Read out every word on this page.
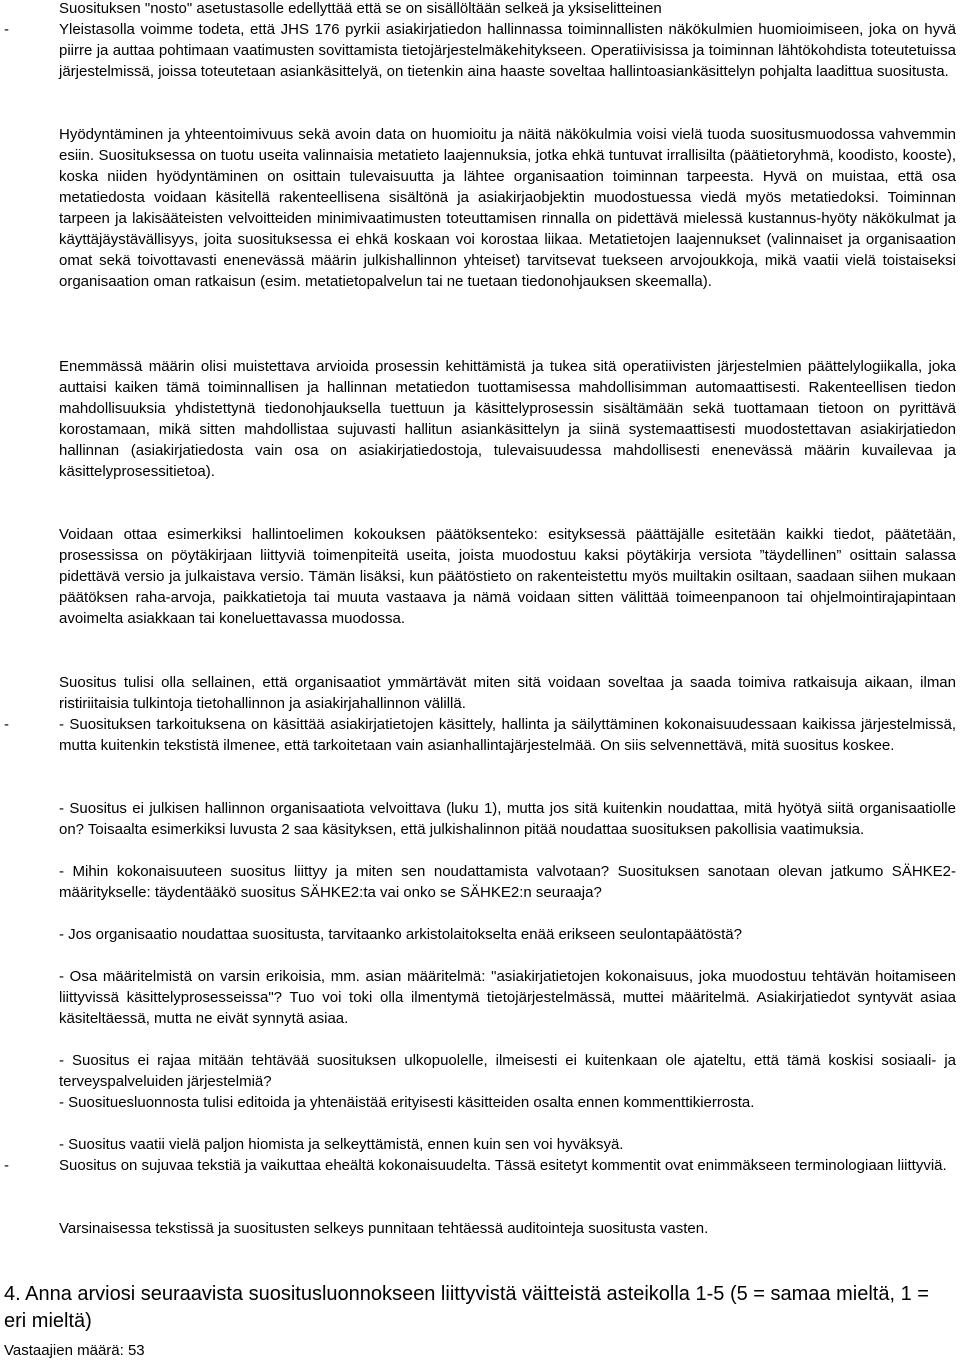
Suosituksen "nosto" asetustasolle edellyttää että se on sisällöltään selkeä ja yksiselitteinen

-	Yleistasolla voimme todeta, että JHS 176 pyrkii asiakirjatiedon hallinnassa toiminnallisten näkökulmien huomioimiseen, joka on hyvä piirre ja auttaa pohtimaan vaatimusten sovittamista tietojärjestelmäkehitykseen. Operatiivisissa ja toiminnan lähtökohdista toteutetuissa järjestelmissä, joissa toteutetaan asiankäsittelyä, on tietenkin aina haaste soveltaa hallintoasiankäsittelyn pohjalta laadittua suositusta.

Hyödyntäminen ja yhteentoimivuus sekä avoin data on huomioitu ja näitä näkökulmia voisi vielä tuoda suositusmuodossa vahvemmin esiin. Suosituksessa on tuotu useita valinnaisia metatieto laajennuksia, jotka ehkä tuntuvat irrallisilta (päätietoryhmä, koodisto, kooste), koska niiden hyödyntäminen on osittain tulevaisuutta ja lähtee organisaation toiminnan tarpeesta. Hyvä on muistaa, että osa metatiedosta voidaan käsitellä rakenteellisena sisältönä ja asiakirjaobjektin muodostuessa viedä myös metatiedoksi. Toiminnan tarpeen ja lakisääteisten velvoitteiden minimivaatimusten toteuttamisen rinnalla on pidettävä mielessä kustannus-hyöty näkökulmat ja käyttäjäystävällisyys, joita suosituksessa ei ehkä koskaan voi korostaa liikaa. Metatietojen laajennukset (valinnaiset ja organisaation omat sekä toivottavasti enenevässä määrin julkishallinnon yhteiset) tarvitsevat tuekseen arvojoukkoja, mikä vaatii vielä toistaiseksi organisaation oman ratkaisun (esim. metatietopalvelun tai ne tuetaan tiedonohjauksen skeemalla).

Enemmässä määrin olisi muistettava arvioida prosessin kehittämistä ja tukea sitä operatiivisten järjestelmien päättelylogiikalla, joka auttaisi kaiken tämä toiminnallisen ja hallinnan metatiedon tuottamisessa mahdollisimman automaattisesti. Rakenteellisen tiedon mahdollisuuksia yhdistettynä tiedonohjauksella tuettuun ja käsittelyprosessin sisältämään sekä tuottamaan tietoon on pyrittävä korostamaan, mikä sitten mahdollistaa sujuvasti hallitun asiankäsittelyn ja siinä systemaattisesti muodostettavan asiakirjatiedon hallinnan (asiakirjatiedosta vain osa on asiakirjatiedostoja, tulevaisuudessa mahdollisesti enenevässä määrin kuvailevaa ja käsittelyprosessitietoa).

Voidaan ottaa esimerkiksi hallintoelimen kokouksen päätöksenteko: esityksessä päättäjälle esitetään kaikki tiedot, päätetään, prosessissa on pöytäkirjaan liittyviä toimenpiteitä useita, joista muodostuu kaksi pöytäkirja versiota ”täydellinen” osittain salassa pidettävä versio ja julkaistava versio. Tämän lisäksi, kun päätöstieto on rakenteistettu myös muiltakin osiltaan, saadaan siihen mukaan päätöksen raha-arvoja, paikkatietoja tai muuta vastaava ja nämä voidaan sitten välittää toimeenpanoon tai ohjelmointirajapintaan avoimelta asiakkaan tai koneluettavassa muodossa.

Suositus tulisi olla sellainen, että organisaatiot ymmärtävät miten sitä voidaan soveltaa ja saada toimiva ratkaisuja aikaan, ilman ristiriitaisia tulkintoja tietohallinnon ja asiakirjahallinnon välillä.

-	- Suosituksen tarkoituksena on käsittää asiakirjatietojen käsittely, hallinta ja säilyttäminen kokonaisuudessaan kaikissa järjestelmissä, mutta kuitenkin tekstistä ilmenee, että tarkoitetaan vain asianhallintajärjestelmää. On siis selvennettävä, mitä suositus koskee.

- Suositus ei julkisen hallinnon organisaatiota velvoittava (luku 1), mutta jos sitä kuitenkin noudattaa, mitä hyötyä siitä organisaatiolle on? Toisaalta esimerkiksi luvusta 2 saa käsityksen, että julkishalinnon pitää noudattaa suosituksen pakollisia vaatimuksia.

- Mihin kokonaisuuteen suositus liittyy ja miten sen noudattamista valvotaan? Suosituksen sanotaan olevan jatkumo SÄHKE2-määritykselle: täydentääkö suositus SÄHKE2:ta vai onko se SÄHKE2:n seuraaja?

- Jos organisaatio noudattaa suositusta, tarvitaanko arkistolaitokselta enää erikseen seulontapäätöstä?

- Osa määritelmistä on varsin erikoisia, mm. asian määritelmä: "asiakirjatietojen kokonaisuus, joka muodostuu tehtävän hoitamiseen liittyvissä käsittelyprosesseissa"? Tuo voi toki olla ilmentymä tietojärjestelmässä, muttei määritelmä. Asiakirjatiedot syntyvät asiaa käsiteltäessä, mutta ne eivät synnytä asiaa.

- Suositus ei rajaa mitään tehtävää suosituksen ulkopuolelle, ilmeisesti ei kuitenkaan ole ajateltu, että tämä koskisi sosiaali- ja terveyspalveluiden järjestelmiä?

- Suosituesluonnosta tulisi editoida ja yhtenäistää erityisesti käsitteiden osalta ennen kommenttikierrosta.

- Suositus vaatii vielä paljon hiomista ja selkeyttämistä, ennen kuin sen voi hyväksyä.

-	Suositus on sujuvaa tekstiä ja vaikuttaa eheältä kokonaisuudelta. Tässä esitetyt kommentit ovat enimmäkseen terminologiaan liittyviä.

Varsinaisessa tekstissä ja suositusten selkeys punnitaan tehtäessä auditointeja suositusta vasten.

4. Anna arviosi seuraavista suositusluonnokseen liittyvistä väitteistä asteikolla 1-5 (5 = samaa mieltä, 1 = eri mieltä)

Vastaajien määrä: 53
